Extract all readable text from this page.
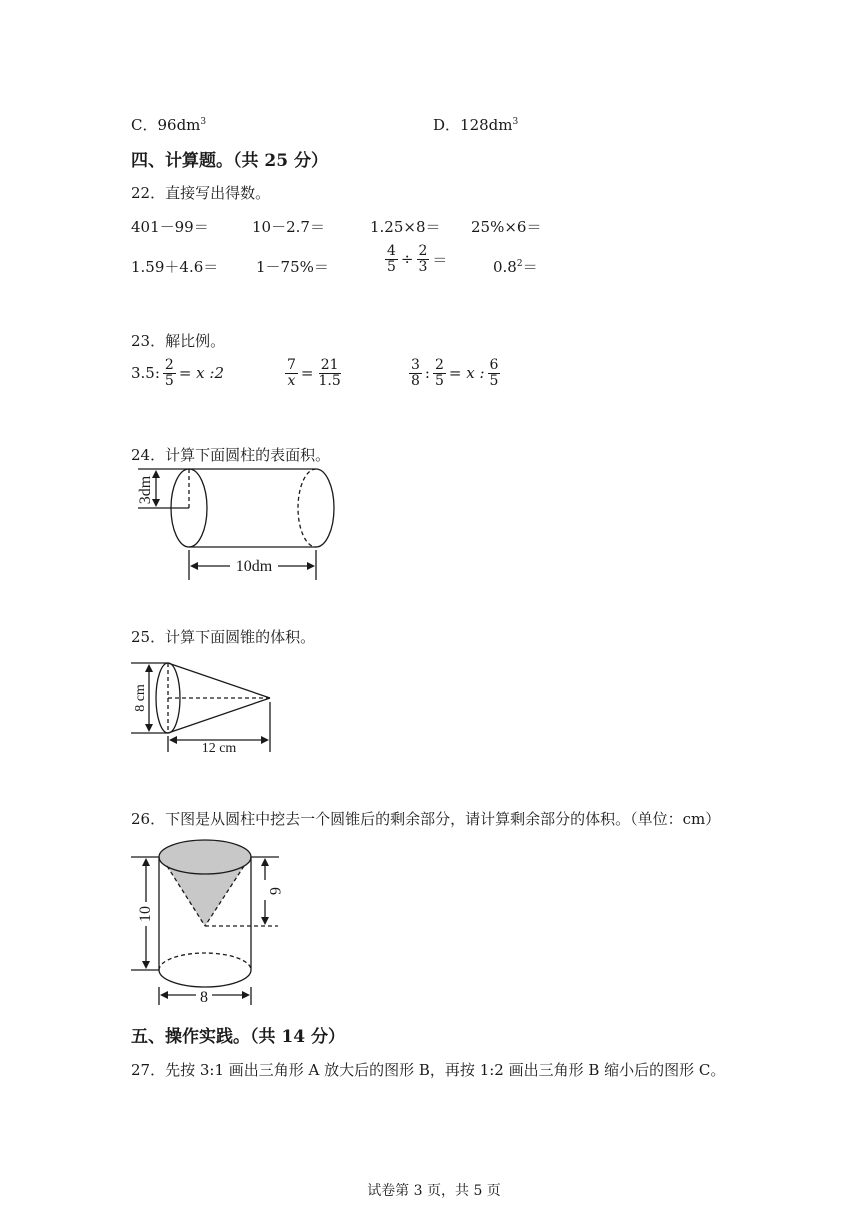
C．$96dm^3$	D．$128dm^3$
四、计算题。（共 25 分）
22．直接写出得数。
401－99＝	10－2.7＝	1.25×8＝ 25%×6＝
1.59＋4.6＝	1－75%＝	$\frac{4}{5} \div \frac{2}{3}$ ＝	$0.8^2=$
23．解比例。
3.5: $\frac{2}{5} = x$ :2	$\frac{7}{x} = \frac{21}{1.5}$	$\frac{3}{8}$ : $\frac{2}{5} = x$ : $\frac{6}{5}$
24．计算下面圆柱的表面积。
3dm
10dm
25．计算下面圆锥的体积。
8 cm
12 cm
26．下图是从圆柱中挖去一个圆锥后的剩余部分，请计算剩余部分的体积。（单位：cm）
10
6
8
五、操作实践。（共 14 分）
27．先按 3:1 画出三角形 A 放大后的图形 B，再按 1:2 画出三角形 B 缩小后的图形 C。
试卷第 3 页，共 5 页
